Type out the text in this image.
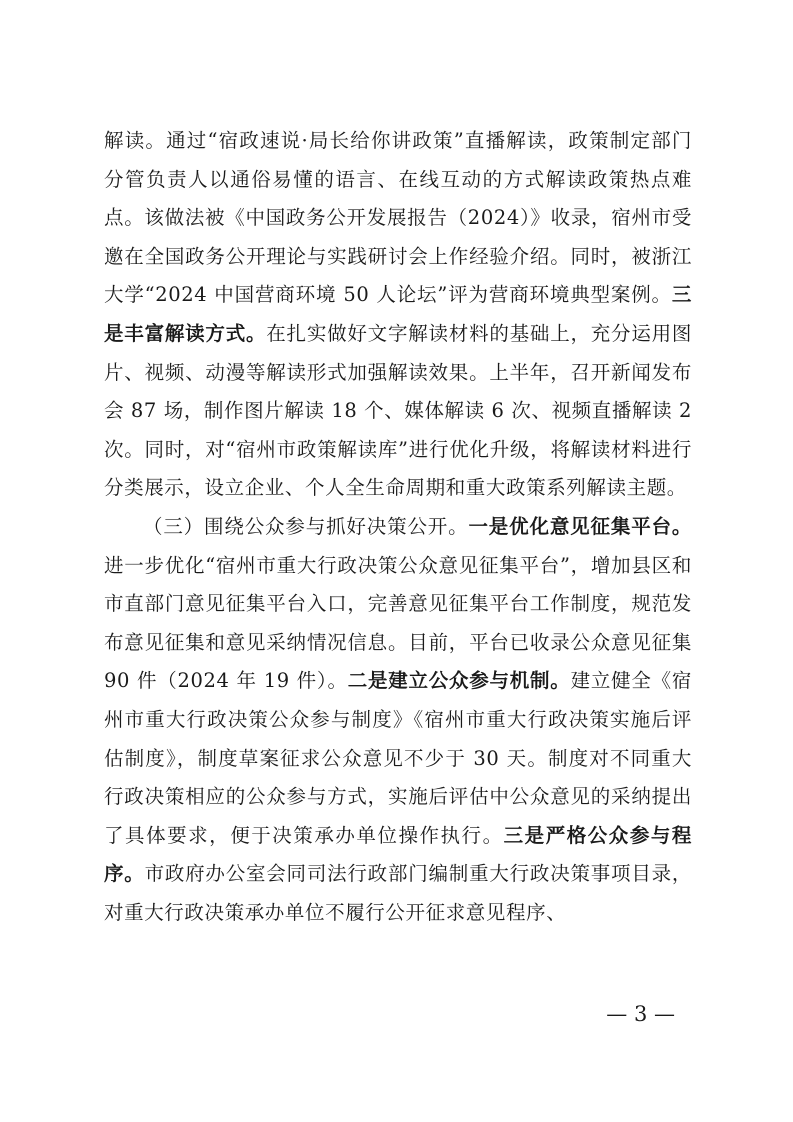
解读。通过“宿政速说·局长给你讲政策”直播解读，政策制定部门分管负责人以通俗易懂的语言、在线互动的方式解读政策热点难点。该做法被《中国政务公开发展报告（2024）》收录，宿州市受邀在全国政务公开理论与实践研讨会上作经验介绍。同时，被浙江大学“2024 中国营商环境 50 人论坛”评为营商环境典型案例。三是丰富解读方式。在扎实做好文字解读材料的基础上，充分运用图片、视频、动漫等解读形式加强解读效果。上半年，召开新闻发布会 87 场，制作图片解读 18 个、媒体解读 6 次、视频直播解读 2 次。同时，对“宿州市政策解读库”进行优化升级，将解读材料进行分类展示，设立企业、个人全生命周期和重大政策系列解读主题。

（三）围绕公众参与抓好决策公开。一是优化意见征集平台。进一步优化“宿州市重大行政决策公众意见征集平台”，增加县区和市直部门意见征集平台入口，完善意见征集平台工作制度，规范发布意见征集和意见采纳情况信息。目前，平台已收录公众意见征集 90 件（2024 年 19 件）。二是建立公众参与机制。建立健全《宿州市重大行政决策公众参与制度》《宿州市重大行政决策实施后评估制度》，制度草案征求公众意见不少于 30 天。制度对不同重大行政决策相应的公众参与方式，实施后评估中公众意见的采纳提出了具体要求，便于决策承办单位操作执行。三是严格公众参与程序。市政府办公室会同司法行政部门编制重大行政决策事项目录，对重大行政决策承办单位不履行公开征求意见程序、

— 3 —
